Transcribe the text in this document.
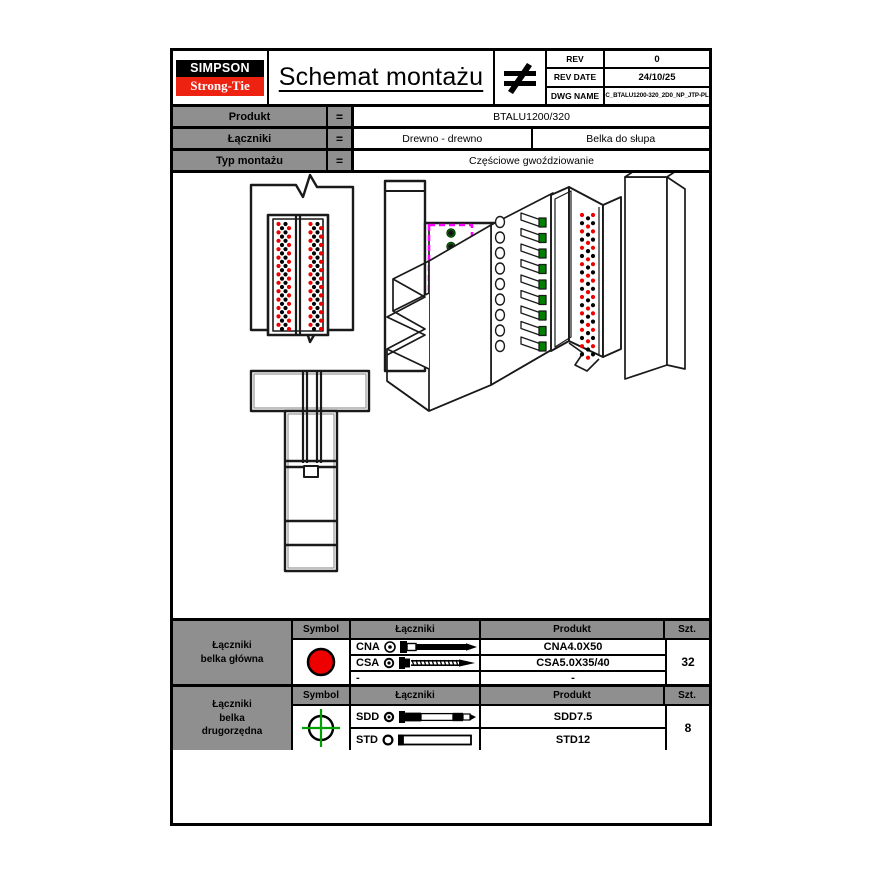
SIMPSON
Strong-Tie	Schemat montażu
REV	0
REV DATE	24/10/25
DWG NAME	C_BTALU1200-320_2D0_NP_JTP-PL
Produkt	=	BTALU1200/320
Łączniki	=	Drewno - drewno	Belka do słupa
Typ montażu	=	Częściowe gwoździowanie
Łączniki
belka główna
Symbol	Łączniki	Produkt	Szt.
CNA	CNA4.0X50
CSA	CSA5.0X35/40
-	-
32
Łączniki
belka
drugorzędna
Symbol	Łączniki	Produkt	Szt.
SDD	SDD7.5
STD	STD12
8
